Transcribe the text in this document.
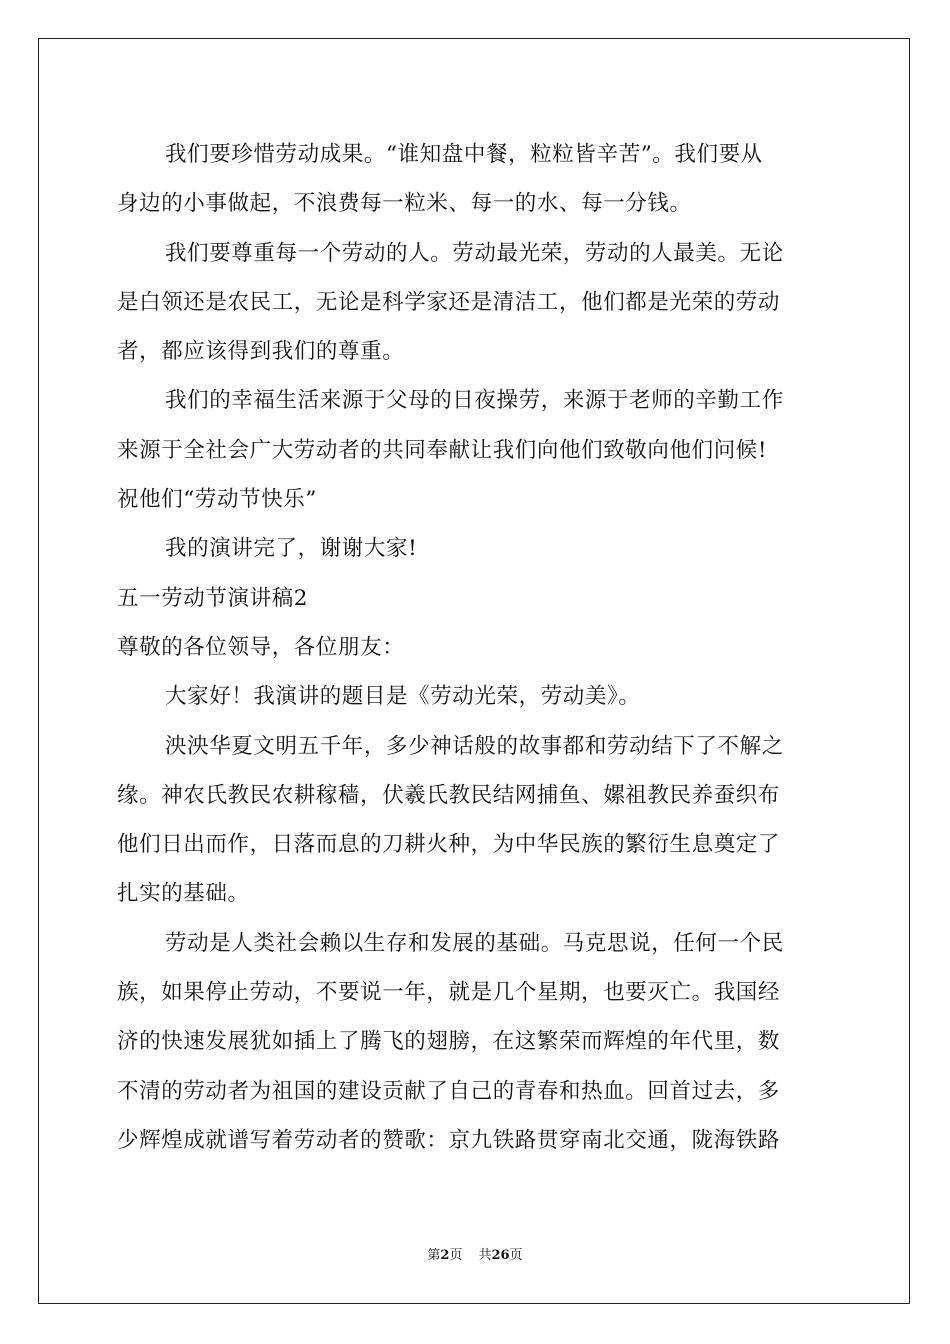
我们要珍惜劳动成果。“谁知盘中餐，粒粒皆辛苦”。我们要从
身边的小事做起，不浪费每一粒米、每一的水、每一分钱。
我们要尊重每一个劳动的人。劳动最光荣，劳动的人最美。无论
是白领还是农民工，无论是科学家还是清洁工，他们都是光荣的劳动
者，都应该得到我们的尊重。
我们的幸福生活来源于父母的日夜操劳，来源于老师的辛勤工作
来源于全社会广大劳动者的共同奉献让我们向他们致敬向他们问候!
祝他们“劳动节快乐”
我的演讲完了，谢谢大家!
五一劳动节演讲稿2
尊敬的各位领导，各位朋友：
大家好！我演讲的题目是《劳动光荣，劳动美》。
泱泱华夏文明五千年，多少神话般的故事都和劳动结下了不解之
缘。神农氏教民农耕稼穑，伏羲氏教民结网捕鱼、嫘祖教民养蚕织布
他们日出而作，日落而息的刀耕火种，为中华民族的繁衍生息奠定了
扎实的基础。
劳动是人类社会赖以生存和发展的基础。马克思说，任何一个民
族，如果停止劳动，不要说一年，就是几个星期，也要灭亡。我国经
济的快速发展犹如插上了腾飞的翅膀，在这繁荣而辉煌的年代里，数
不清的劳动者为祖国的建设贡献了自己的青春和热血。回首过去，多
少辉煌成就谱写着劳动者的赞歌：京九铁路贯穿南北交通，陇海铁路
第2页 共26页
